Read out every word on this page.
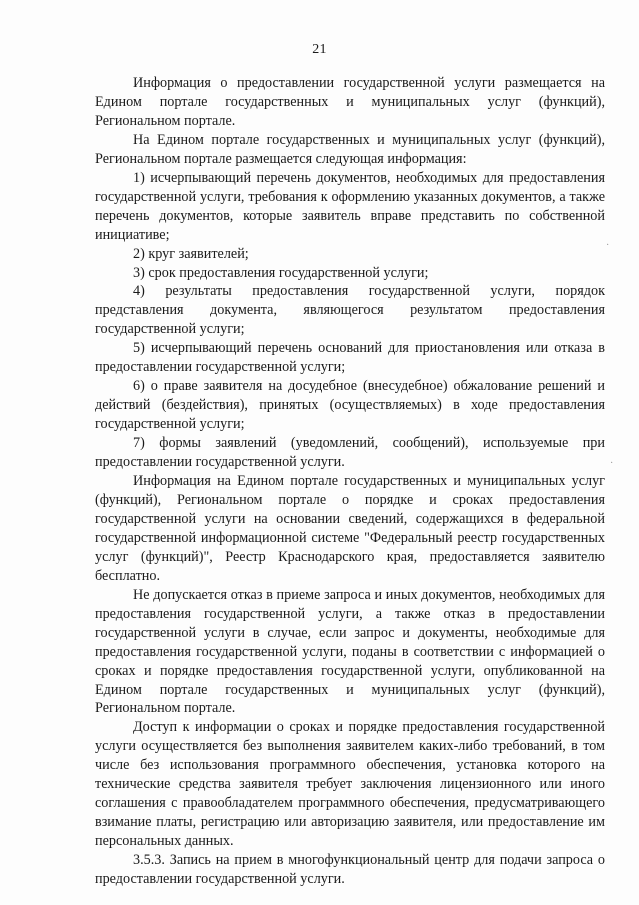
21

Информация о предоставлении государственной услуги размещается на Едином портале государственных и муниципальных услуг (функций), Региональном портале.

На Едином портале государственных и муниципальных услуг (функций), Региональном портале размещается следующая информация:

1) исчерпывающий перечень документов, необходимых для предоставления государственной услуги, требования к оформлению указанных документов, а также перечень документов, которые заявитель вправе представить по собственной инициативе;

2) круг заявителей;

3) срок предоставления государственной услуги;

4) результаты предоставления государственной услуги, порядок представления документа, являющегося результатом предоставления государственной услуги;

5) исчерпывающий перечень оснований для приостановления или отказа в предоставлении государственной услуги;

6) о праве заявителя на досудебное (внесудебное) обжалование решений и действий (бездействия), принятых (осуществляемых) в ходе предоставления государственной услуги;

7) формы заявлений (уведомлений, сообщений), используемые при предоставлении государственной услуги.

Информация на Едином портале государственных и муниципальных услуг (функций), Региональном портале о порядке и сроках предоставления государственной услуги на основании сведений, содержащихся в федеральной государственной информационной системе "Федеральный реестр государственных услуг (функций)", Реестр Краснодарского края, предоставляется заявителю бесплатно.

Не допускается отказ в приеме запроса и иных документов, необходимых для предоставления государственной услуги, а также отказ в предоставлении государственной услуги в случае, если запрос и документы, необходимые для предоставления государственной услуги, поданы в соответствии с информацией о сроках и порядке предоставления государственной услуги, опубликованной на Едином портале государственных и муниципальных услуг (функций), Региональном портале.

Доступ к информации о сроках и порядке предоставления государственной услуги осуществляется без выполнения заявителем каких-либо требований, в том числе без использования программного обеспечения, установка которого на технические средства заявителя требует заключения лицензионного или иного соглашения с правообладателем программного обеспечения, предусматривающего взимание платы, регистрацию или авторизацию заявителя, или предоставление им персональных данных.

3.5.3. Запись на прием в многофункциональный центр для подачи запроса о предоставлении государственной услуги.

·
·
